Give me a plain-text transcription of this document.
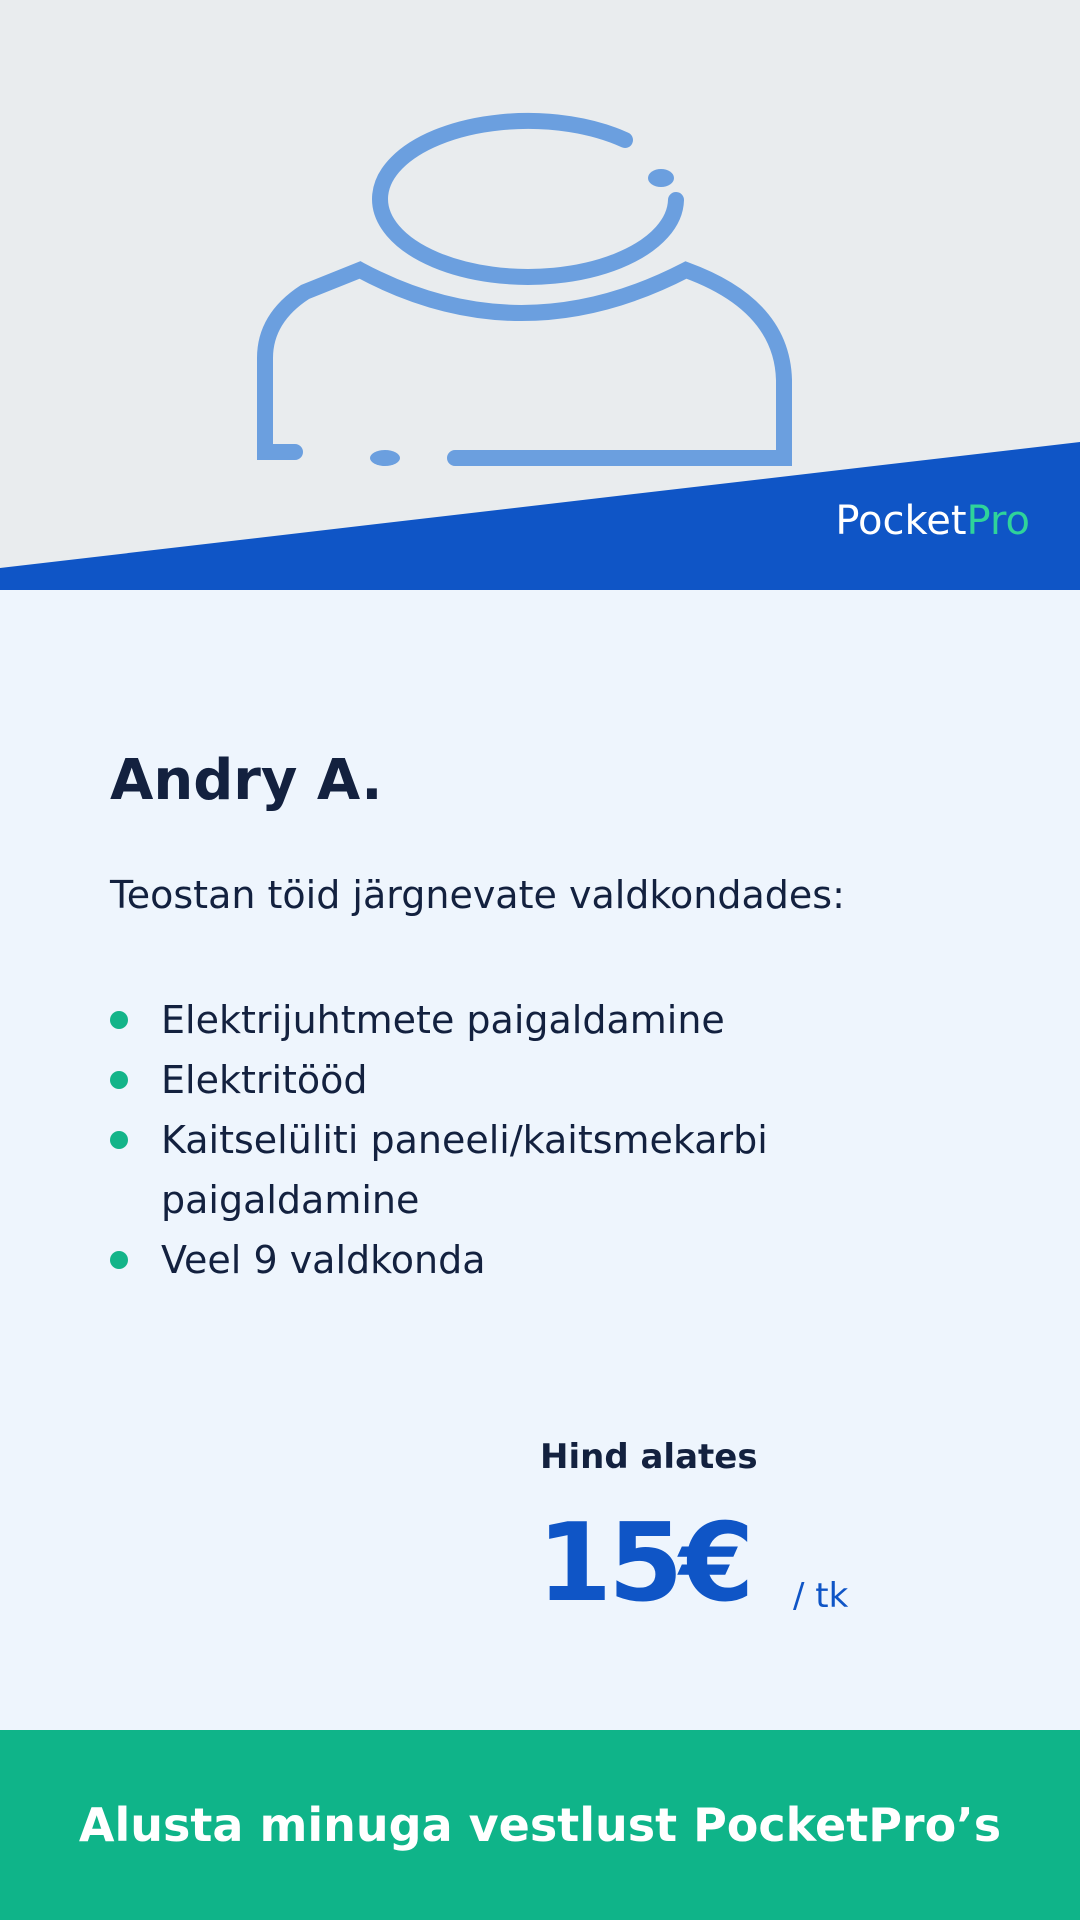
PocketPro
Andry A.

Teostan töid järgnevate valdkondades:

Elektrijuhtmete paigaldamine
Elektritööd
Kaitselüliti paneeli/kaitsmekarbi paigaldamine
Veel 9 valdkonda
Hind alates
15€ / tk
Alusta minuga vestlust PocketPro’s
